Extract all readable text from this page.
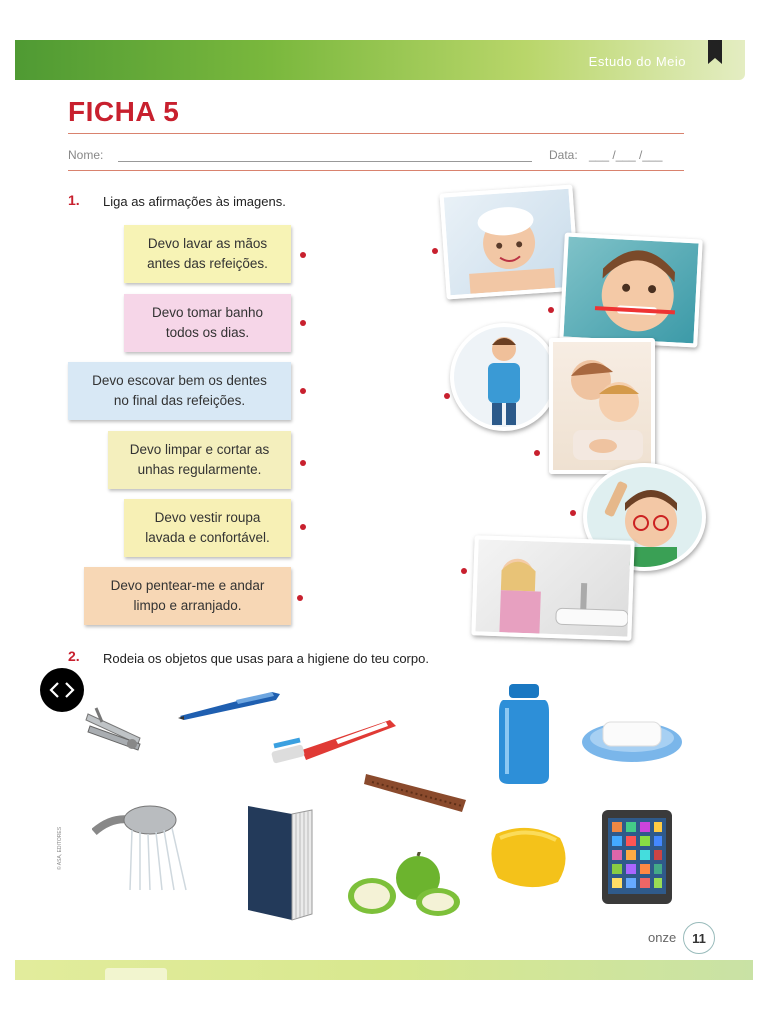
Estudo do Meio
FICHA 5
Nome:	Data: ___ /___ /___
1. Liga as afirmações às imagens.
Devo lavar as mãos
antes das refeições.
Devo tomar banho
todos os dias.
Devo escovar bem os dentes
no final das refeições.
Devo limpar e cortar as
unhas regularmente.
Devo vestir roupa
lavada e confortável.
Devo pentear-me e andar
limpo e arranjado.
2. Rodeia os objetos que usas para a higiene do teu corpo.
© ASA, EDITORES
onze	11
